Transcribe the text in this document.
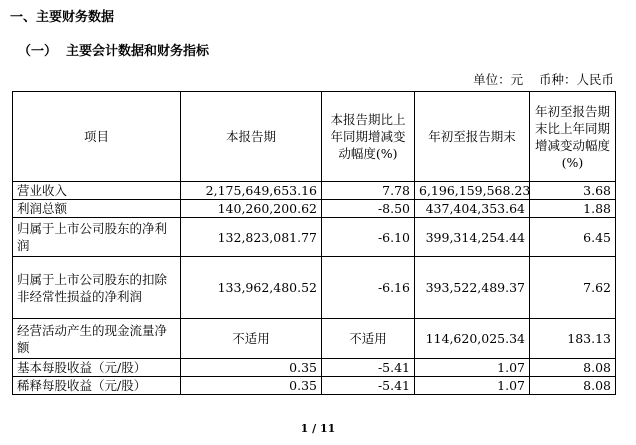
一、主要财务数据
（一）  主要会计数据和财务指标
单位：元    币种：人民币
项目	本报告期	本报告期比上年同期增减变动幅度(%)	年初至报告期末	年初至报告期末比上年同期增减变动幅度(%)
营业收入	2,175,649,653.16	7.78	6,196,159,568.23	3.68
利润总额	140,260,200.62	-8.50	437,404,353.64	1.88
归属于上市公司股东的净利润	132,823,081.77	-6.10	399,314,254.44	6.45
归属于上市公司股东的扣除非经常性损益的净利润	133,962,480.52	-6.16	393,522,489.37	7.62
经营活动产生的现金流量净额	不适用	不适用	114,620,025.34	183.13
基本每股收益（元/股）	0.35	-5.41	1.07	8.08
稀释每股收益（元/股）	0.35	-5.41	1.07	8.08
1 / 11
